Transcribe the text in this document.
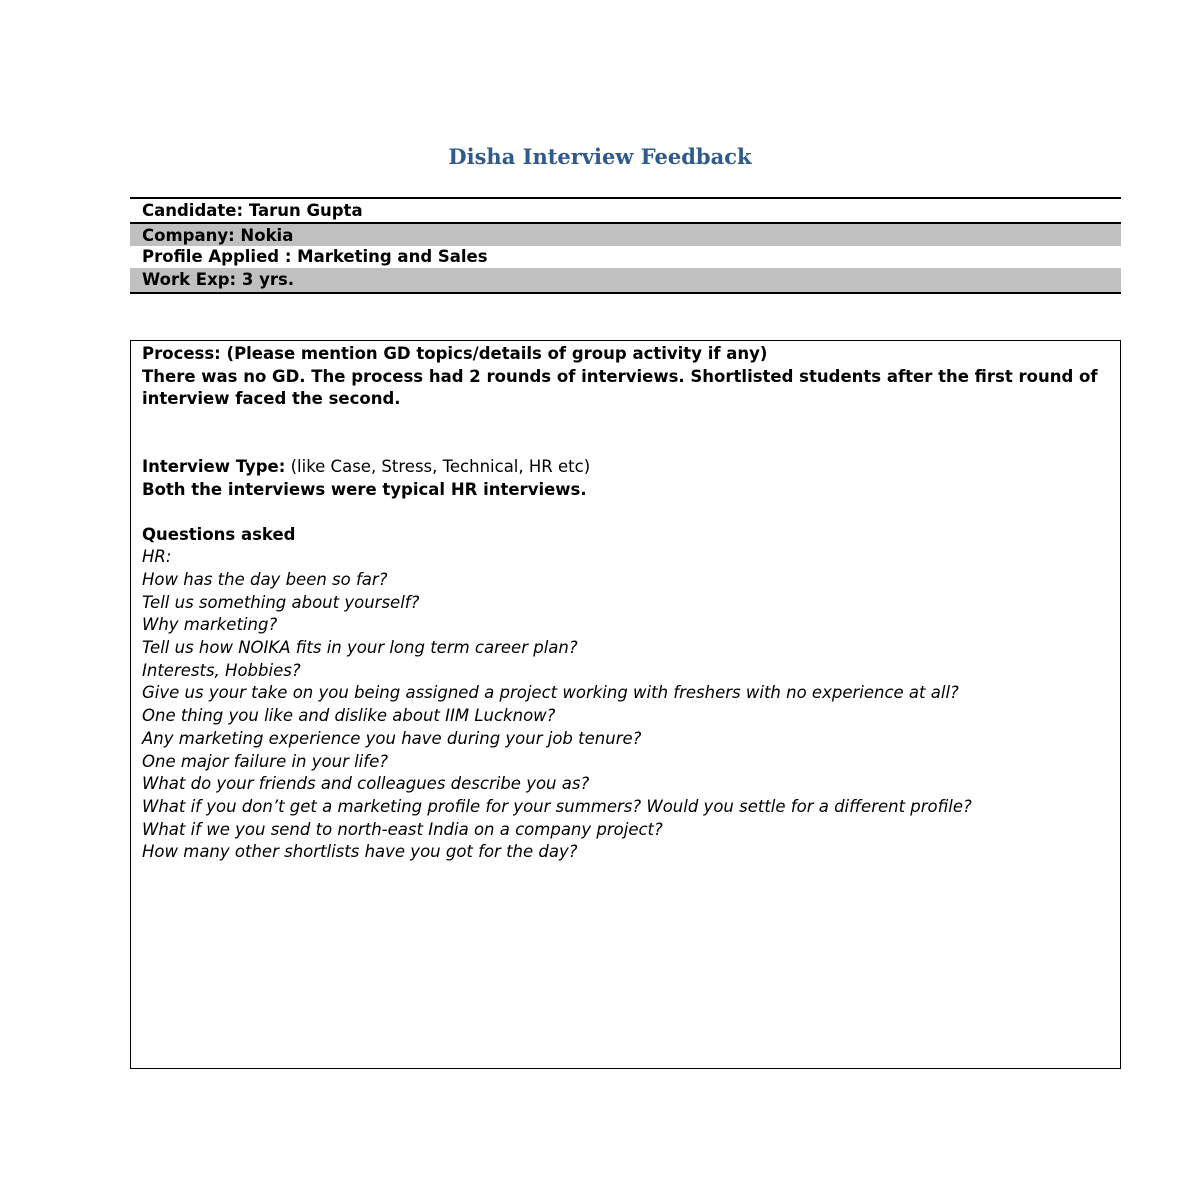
Disha Interview Feedback
Candidate: Tarun Gupta
Company: Nokia
Profile Applied : Marketing and Sales
Work Exp: 3 yrs.

Process: (Please mention GD topics/details of group activity if any)

There was no GD. The process had 2 rounds of interviews. Shortlisted students after the first round of interview faced the second.

Interview Type: (like Case, Stress, Technical, HR etc)

Both the interviews were typical HR interviews.

Questions asked

HR:

How has the day been so far?

Tell us something about yourself?

Why marketing?

Tell us how NOIKA fits in your long term career plan?

Interests, Hobbies?

Give us your take on you being assigned a project working with freshers with no experience at all?

One thing you like and dislike about IIM Lucknow?

Any marketing experience you have during your job tenure?

One major failure in your life?

What do your friends and colleagues describe you as?

What if you don’t get a marketing profile for your summers? Would you settle for a different profile?

What if we you send to north-east India on a company project?

How many other shortlists have you got for the day?
